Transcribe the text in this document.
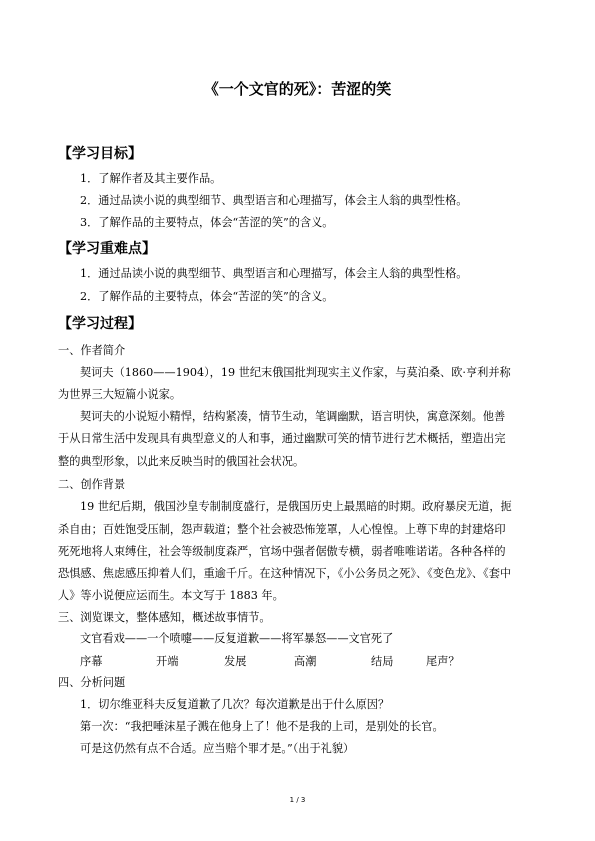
《一个文官的死》：苦涩的笑
【学习目标】
1．了解作者及其主要作品。
2．通过品读小说的典型细节、典型语言和心理描写，体会主人翁的典型性格。
3．了解作品的主要特点，体会“苦涩的笑”的含义。
【学习重难点】
1．通过品读小说的典型细节、典型语言和心理描写，体会主人翁的典型性格。
2．了解作品的主要特点，体会“苦涩的笑”的含义。
【学习过程】
一、作者简介
契诃夫（1860——1904），19 世纪末俄国批判现实主义作家，与莫泊桑、欧·亨利并称
为世界三大短篇小说家。
契诃夫的小说短小精悍，结构紧凑，情节生动，笔调幽默，语言明快，寓意深刻。他善
于从日常生活中发现具有典型意义的人和事，通过幽默可笑的情节进行艺术概括，塑造出完
整的典型形象，以此来反映当时的俄国社会状况。
二、创作背景
19 世纪后期，俄国沙皇专制制度盛行，是俄国历史上最黑暗的时期。政府暴戾无道，扼
杀自由；百姓饱受压制，怨声载道；整个社会被恐怖笼罩，人心惶惶。上尊下卑的封建烙印
死死地将人束缚住，社会等级制度森严，官场中强者倨傲专横，弱者唯唯诺诺。各种各样的
恐惧感、焦虑感压抑着人们，重逾千斤。在这种情况下，《小公务员之死》、《变色龙》、《套中
人》等小说便应运而生。本文写于 1883 年。
三、浏览课文，整体感知，概述故事情节。
文官看戏——一个喷嚏——反复道歉——将军暴怒——文官死了
序幕	开端	发展	高潮	结局	尾声？
四、分析问题
1．切尔维亚科夫反复道歉了几次？每次道歉是出于什么原因？
第一次：“我把唾沫星子溅在他身上了！他不是我的上司，是别处的长官。
可是这仍然有点不合适。应当赔个罪才是。”（出于礼貌）
1 / 3
